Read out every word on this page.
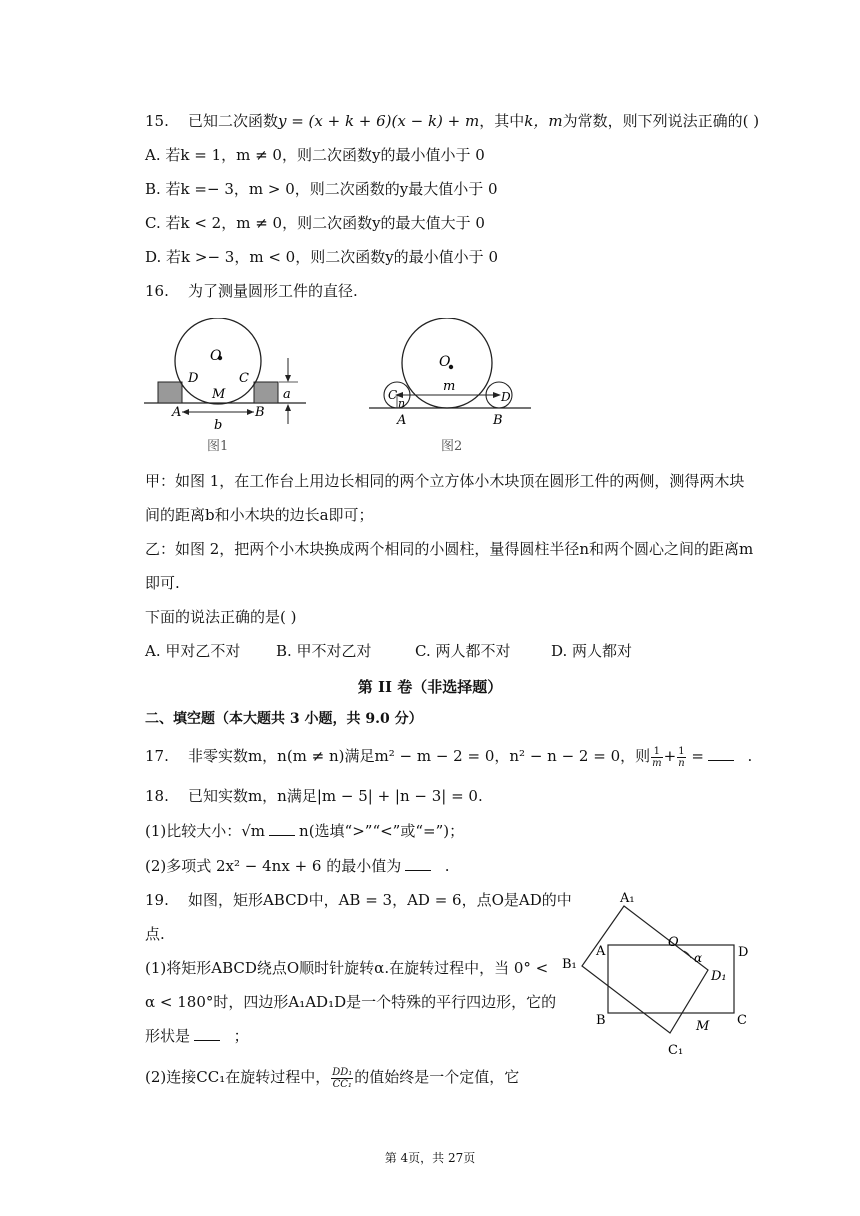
15. 已知二次函数y = (x + k + 6)(x − k) + m，其中k，m为常数，则下列说法正确的( )
A. 若k = 1，m ≠ 0，则二次函数y的最小值小于 0
B. 若k =− 3，m > 0，则二次函数的y最大值小于 0
C. 若k < 2，m ≠ 0，则二次函数y的最大值大于 0
D. 若k >− 3，m < 0，则二次函数y的最小值小于 0
16. 为了测量圆形工件的直径.
O
D	C
M
A	B
a
b
图1
O
m
C
n	D
A	B
图2
甲：如图 1，在工作台上用边长相同的两个立方体小木块顶在圆形工件的两侧，测得两木块
间的距离b和小木块的边长a即可；
乙：如图 2，把两个小木块换成两个相同的小圆柱，量得圆柱半径n和两个圆心之间的距离m
即可.
下面的说法正确的是( )
A. 甲对乙不对 B. 甲不对乙对	C. 两人都不对	D. 两人都对
第 II 卷（非选择题）
二、填空题（本大题共 3 小题，共 9.0 分）
17. 非零实数m，n(m ≠ n)满足m² − m − 2 = 0，n² − n − 2 = 0，则 $\frac{1}{m} + \frac{1}{n}$ =	.
18. 已知实数m，n满足|m − 5| + |n − 3| = 0.
(1)比较大小：√m n(选填“>”“<”或“=”)；
(2)多项式 2x² − 4nx + 6 的最小值为	.
19. 如图，矩形ABCD中，AB = 3，AD = 6，点O是AD的中
点.
(1)将矩形ABCD绕点O顺时针旋转α.在旋转过程中，当 0° <
α < 180°时，四边形A₁AD₁D是一个特殊的平行四边形，它的
形状是	；
(2)连接CC₁在旋转过程中， $\frac{\text{DD₁}}{\text{CC₁}}$ 的值始终是一个定值，它
A₁
B₁
A
O
D
α
D₁
B	M C
C₁
第 4页，共 27页
